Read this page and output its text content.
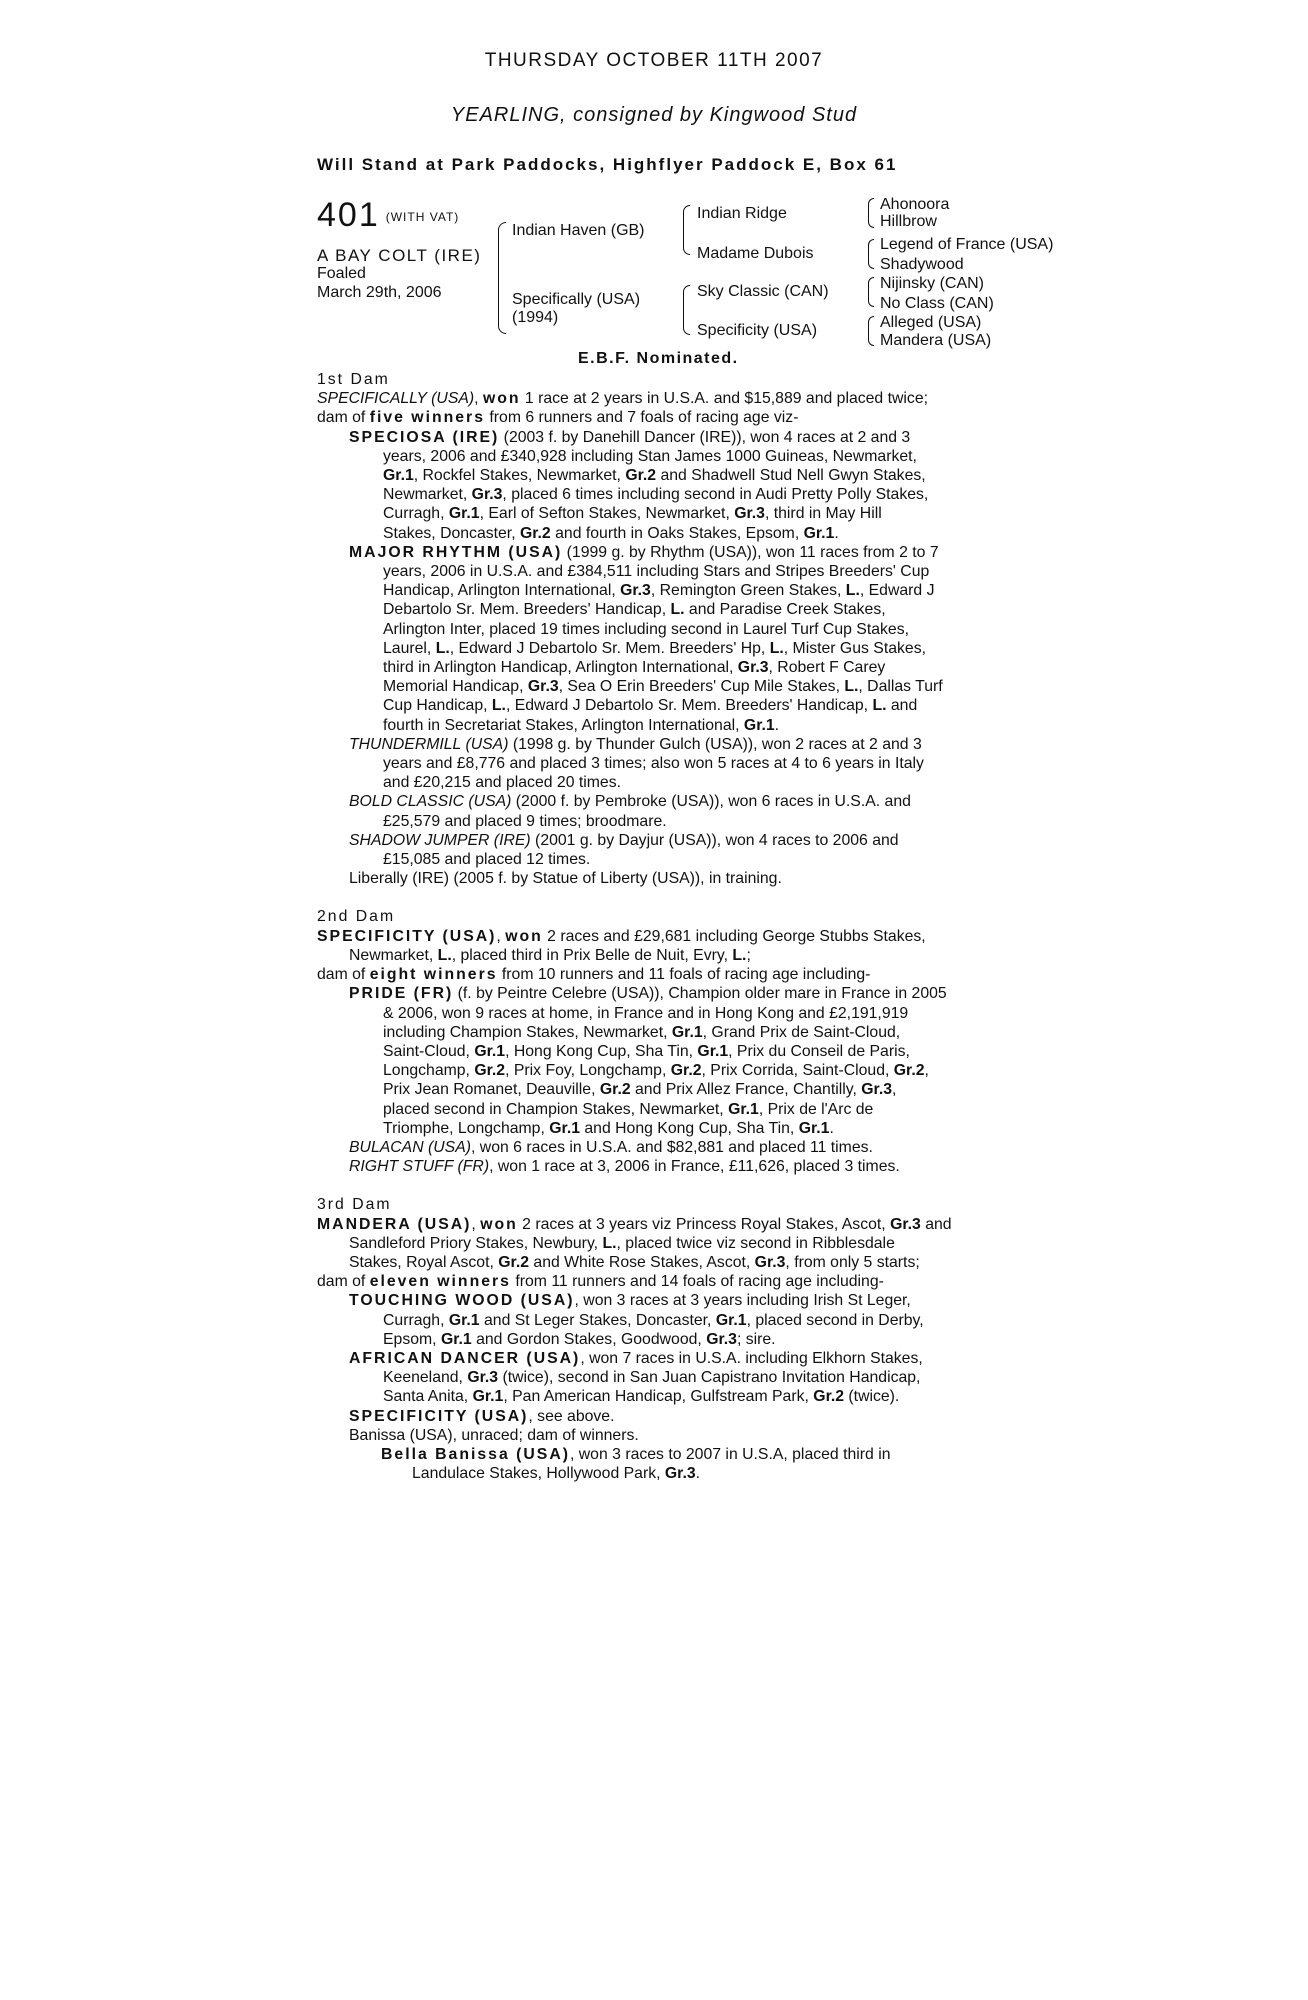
THURSDAY OCTOBER 11TH 2007
YEARLING, consigned by Kingwood Stud
Will Stand at Park Paddocks, Highflyer Paddock E, Box 61
401 (WITH VAT)
A BAY COLT (IRE)
Foaled
March 29th, 2006
Indian Haven (GB)
Specifically (USA)
(1994)
Indian Ridge
Madame Dubois
Sky Classic (CAN)
Specificity (USA)
Ahonoora
Hillbrow
Legend of France (USA)
Shadywood
Nijinsky (CAN)
No Class (CAN)
Alleged (USA)
Mandera (USA)
E.B.F. Nominated.

1st Dam

SPECIFICALLY (USA), won 1 race at 2 years in U.S.A. and $15,889 and placed twice;

dam of five winners from 6 runners and 7 foals of racing age viz-

SPECIOSA (IRE) (2003 f. by Danehill Dancer (IRE)), won 4 races at 2 and 3

years, 2006 and £340,928 including Stan James 1000 Guineas, Newmarket,

Gr.1, Rockfel Stakes, Newmarket, Gr.2 and Shadwell Stud Nell Gwyn Stakes,

Newmarket, Gr.3, placed 6 times including second in Audi Pretty Polly Stakes,

Curragh, Gr.1, Earl of Sefton Stakes, Newmarket, Gr.3, third in May Hill

Stakes, Doncaster, Gr.2 and fourth in Oaks Stakes, Epsom, Gr.1.

MAJOR RHYTHM (USA) (1999 g. by Rhythm (USA)), won 11 races from 2 to 7

years, 2006 in U.S.A. and £384,511 including Stars and Stripes Breeders' Cup

Handicap, Arlington International, Gr.3, Remington Green Stakes, L., Edward J

Debartolo Sr. Mem. Breeders' Handicap, L. and Paradise Creek Stakes,

Arlington Inter, placed 19 times including second in Laurel Turf Cup Stakes,

Laurel, L., Edward J Debartolo Sr. Mem. Breeders' Hp, L., Mister Gus Stakes,

third in Arlington Handicap, Arlington International, Gr.3, Robert F Carey

Memorial Handicap, Gr.3, Sea O Erin Breeders' Cup Mile Stakes, L., Dallas Turf

Cup Handicap, L., Edward J Debartolo Sr. Mem. Breeders' Handicap, L. and

fourth in Secretariat Stakes, Arlington International, Gr.1.

THUNDERMILL (USA) (1998 g. by Thunder Gulch (USA)), won 2 races at 2 and 3

years and £8,776 and placed 3 times; also won 5 races at 4 to 6 years in Italy

and £20,215 and placed 20 times.

BOLD CLASSIC (USA) (2000 f. by Pembroke (USA)), won 6 races in U.S.A. and

£25,579 and placed 9 times; broodmare.

SHADOW JUMPER (IRE) (2001 g. by Dayjur (USA)), won 4 races to 2006 and

£15,085 and placed 12 times.

Liberally (IRE) (2005 f. by Statue of Liberty (USA)), in training.

2nd Dam

SPECIFICITY (USA), won 2 races and £29,681 including George Stubbs Stakes,

Newmarket, L., placed third in Prix Belle de Nuit, Evry, L.;

dam of eight winners from 10 runners and 11 foals of racing age including-

PRIDE (FR) (f. by Peintre Celebre (USA)), Champion older mare in France in 2005

& 2006, won 9 races at home, in France and in Hong Kong and £2,191,919

including Champion Stakes, Newmarket, Gr.1, Grand Prix de Saint-Cloud,

Saint-Cloud, Gr.1, Hong Kong Cup, Sha Tin, Gr.1, Prix du Conseil de Paris,

Longchamp, Gr.2, Prix Foy, Longchamp, Gr.2, Prix Corrida, Saint-Cloud, Gr.2,

Prix Jean Romanet, Deauville, Gr.2 and Prix Allez France, Chantilly, Gr.3,

placed second in Champion Stakes, Newmarket, Gr.1, Prix de l'Arc de

Triomphe, Longchamp, Gr.1 and Hong Kong Cup, Sha Tin, Gr.1.

BULACAN (USA), won 6 races in U.S.A. and $82,881 and placed 11 times.

RIGHT STUFF (FR), won 1 race at 3, 2006 in France, £11,626, placed 3 times.

3rd Dam

MANDERA (USA), won 2 races at 3 years viz Princess Royal Stakes, Ascot, Gr.3 and

Sandleford Priory Stakes, Newbury, L., placed twice viz second in Ribblesdale

Stakes, Royal Ascot, Gr.2 and White Rose Stakes, Ascot, Gr.3, from only 5 starts;

dam of eleven winners from 11 runners and 14 foals of racing age including-

TOUCHING WOOD (USA), won 3 races at 3 years including Irish St Leger,

Curragh, Gr.1 and St Leger Stakes, Doncaster, Gr.1, placed second in Derby,

Epsom, Gr.1 and Gordon Stakes, Goodwood, Gr.3; sire.

AFRICAN DANCER (USA), won 7 races in U.S.A. including Elkhorn Stakes,

Keeneland, Gr.3 (twice), second in San Juan Capistrano Invitation Handicap,

Santa Anita, Gr.1, Pan American Handicap, Gulfstream Park, Gr.2 (twice).

SPECIFICITY (USA), see above.

Banissa (USA), unraced; dam of winners.

Bella Banissa (USA), won 3 races to 2007 in U.S.A, placed third in

Landulace Stakes, Hollywood Park, Gr.3.
